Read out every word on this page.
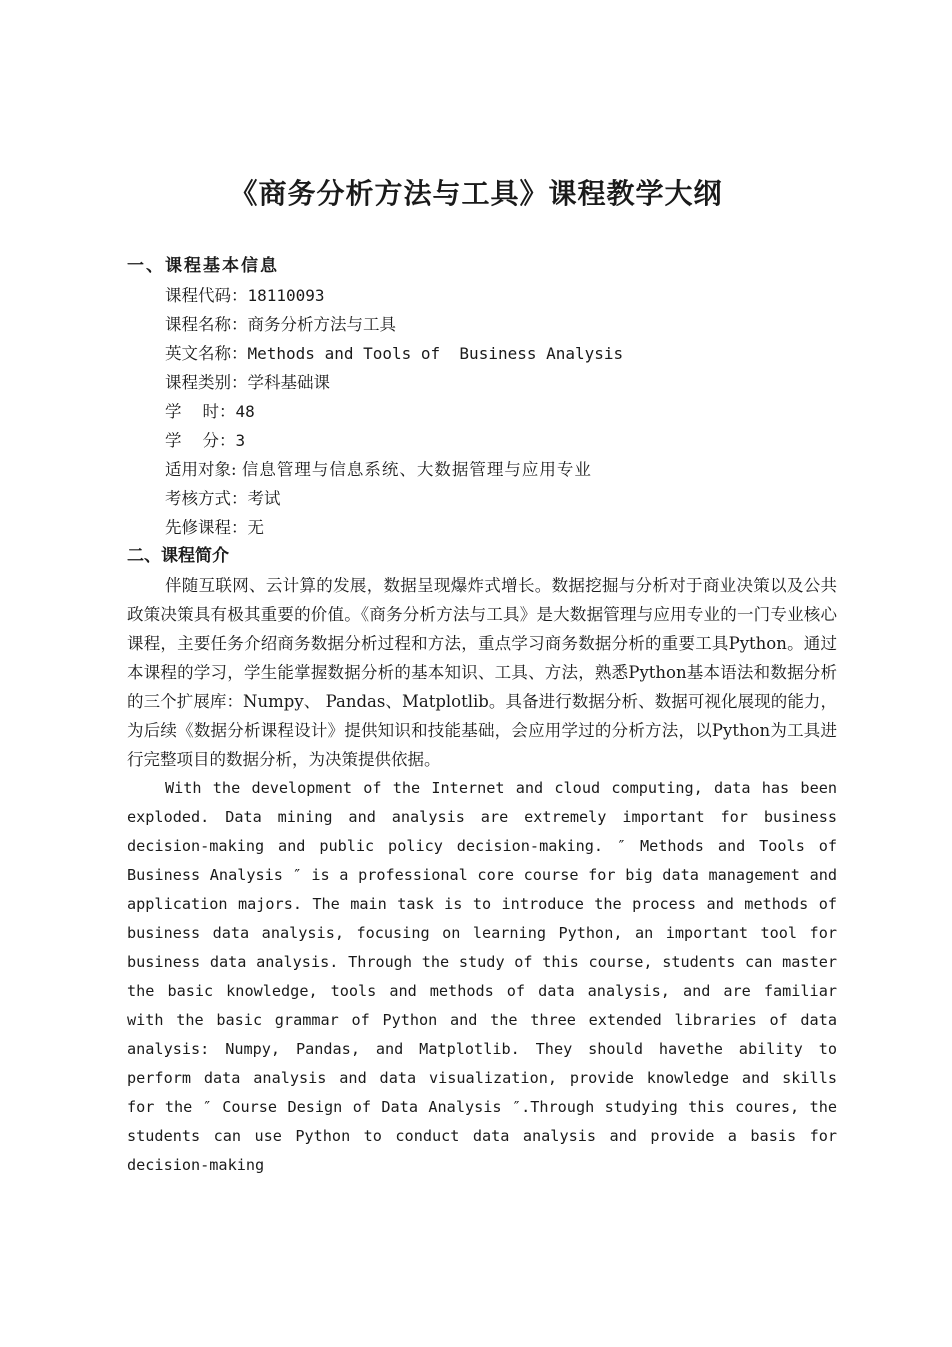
《商务分析方法与工具》课程教学大纲
一、课程基本信息
课程代码：18110093
课程名称：商务分析方法与工具
英文名称：Methods and Tools of  Business Analysis
课程类别：学科基础课
学    时：48
学    分：3
适用对象: 信息管理与信息系统、大数据管理与应用专业
考核方式：考试
先修课程：无
二、课程简介

伴随互联网、云计算的发展，数据呈现爆炸式增长。数据挖掘与分析对于商业决策以及公共政策决策具有极其重要的价值。《商务分析方法与工具》是大数据管理与应用专业的一门专业核心课程，主要任务介绍商务数据分析过程和方法，重点学习商务数据分析的重要工具Python。通过本课程的学习，学生能掌握数据分析的基本知识、工具、方法，熟悉Python基本语法和数据分析的三个扩展库：Numpy、 Pandas、Matplotlib。具备进行数据分析、数据可视化展现的能力，为后续《数据分析课程设计》提供知识和技能基础，会应用学过的分析方法，以Python为工具进行完整项目的数据分析，为决策提供依据。

With the development of the Internet and cloud computing, data has been exploded. Data mining and analysis are extremely important for business decision-making and public policy decision-making. ″ Methods and Tools of Business Analysis ″ is a professional core course for big data management and application majors. The main task is to introduce the process and methods of business data analysis, focusing on learning Python, an important tool for business data analysis. Through the study of this course, students can master the basic knowledge, tools and methods of data analysis, and are familiar with the basic grammar of Python and the three extended libraries of data analysis: Numpy, Pandas, and Matplotlib. They should havethe ability to perform data analysis and data visualization, provide knowledge and skills for the ″ Course Design of Data Analysis ″.Through studying this coures, the students can use Python to conduct data analysis and provide a basis for decision-making
